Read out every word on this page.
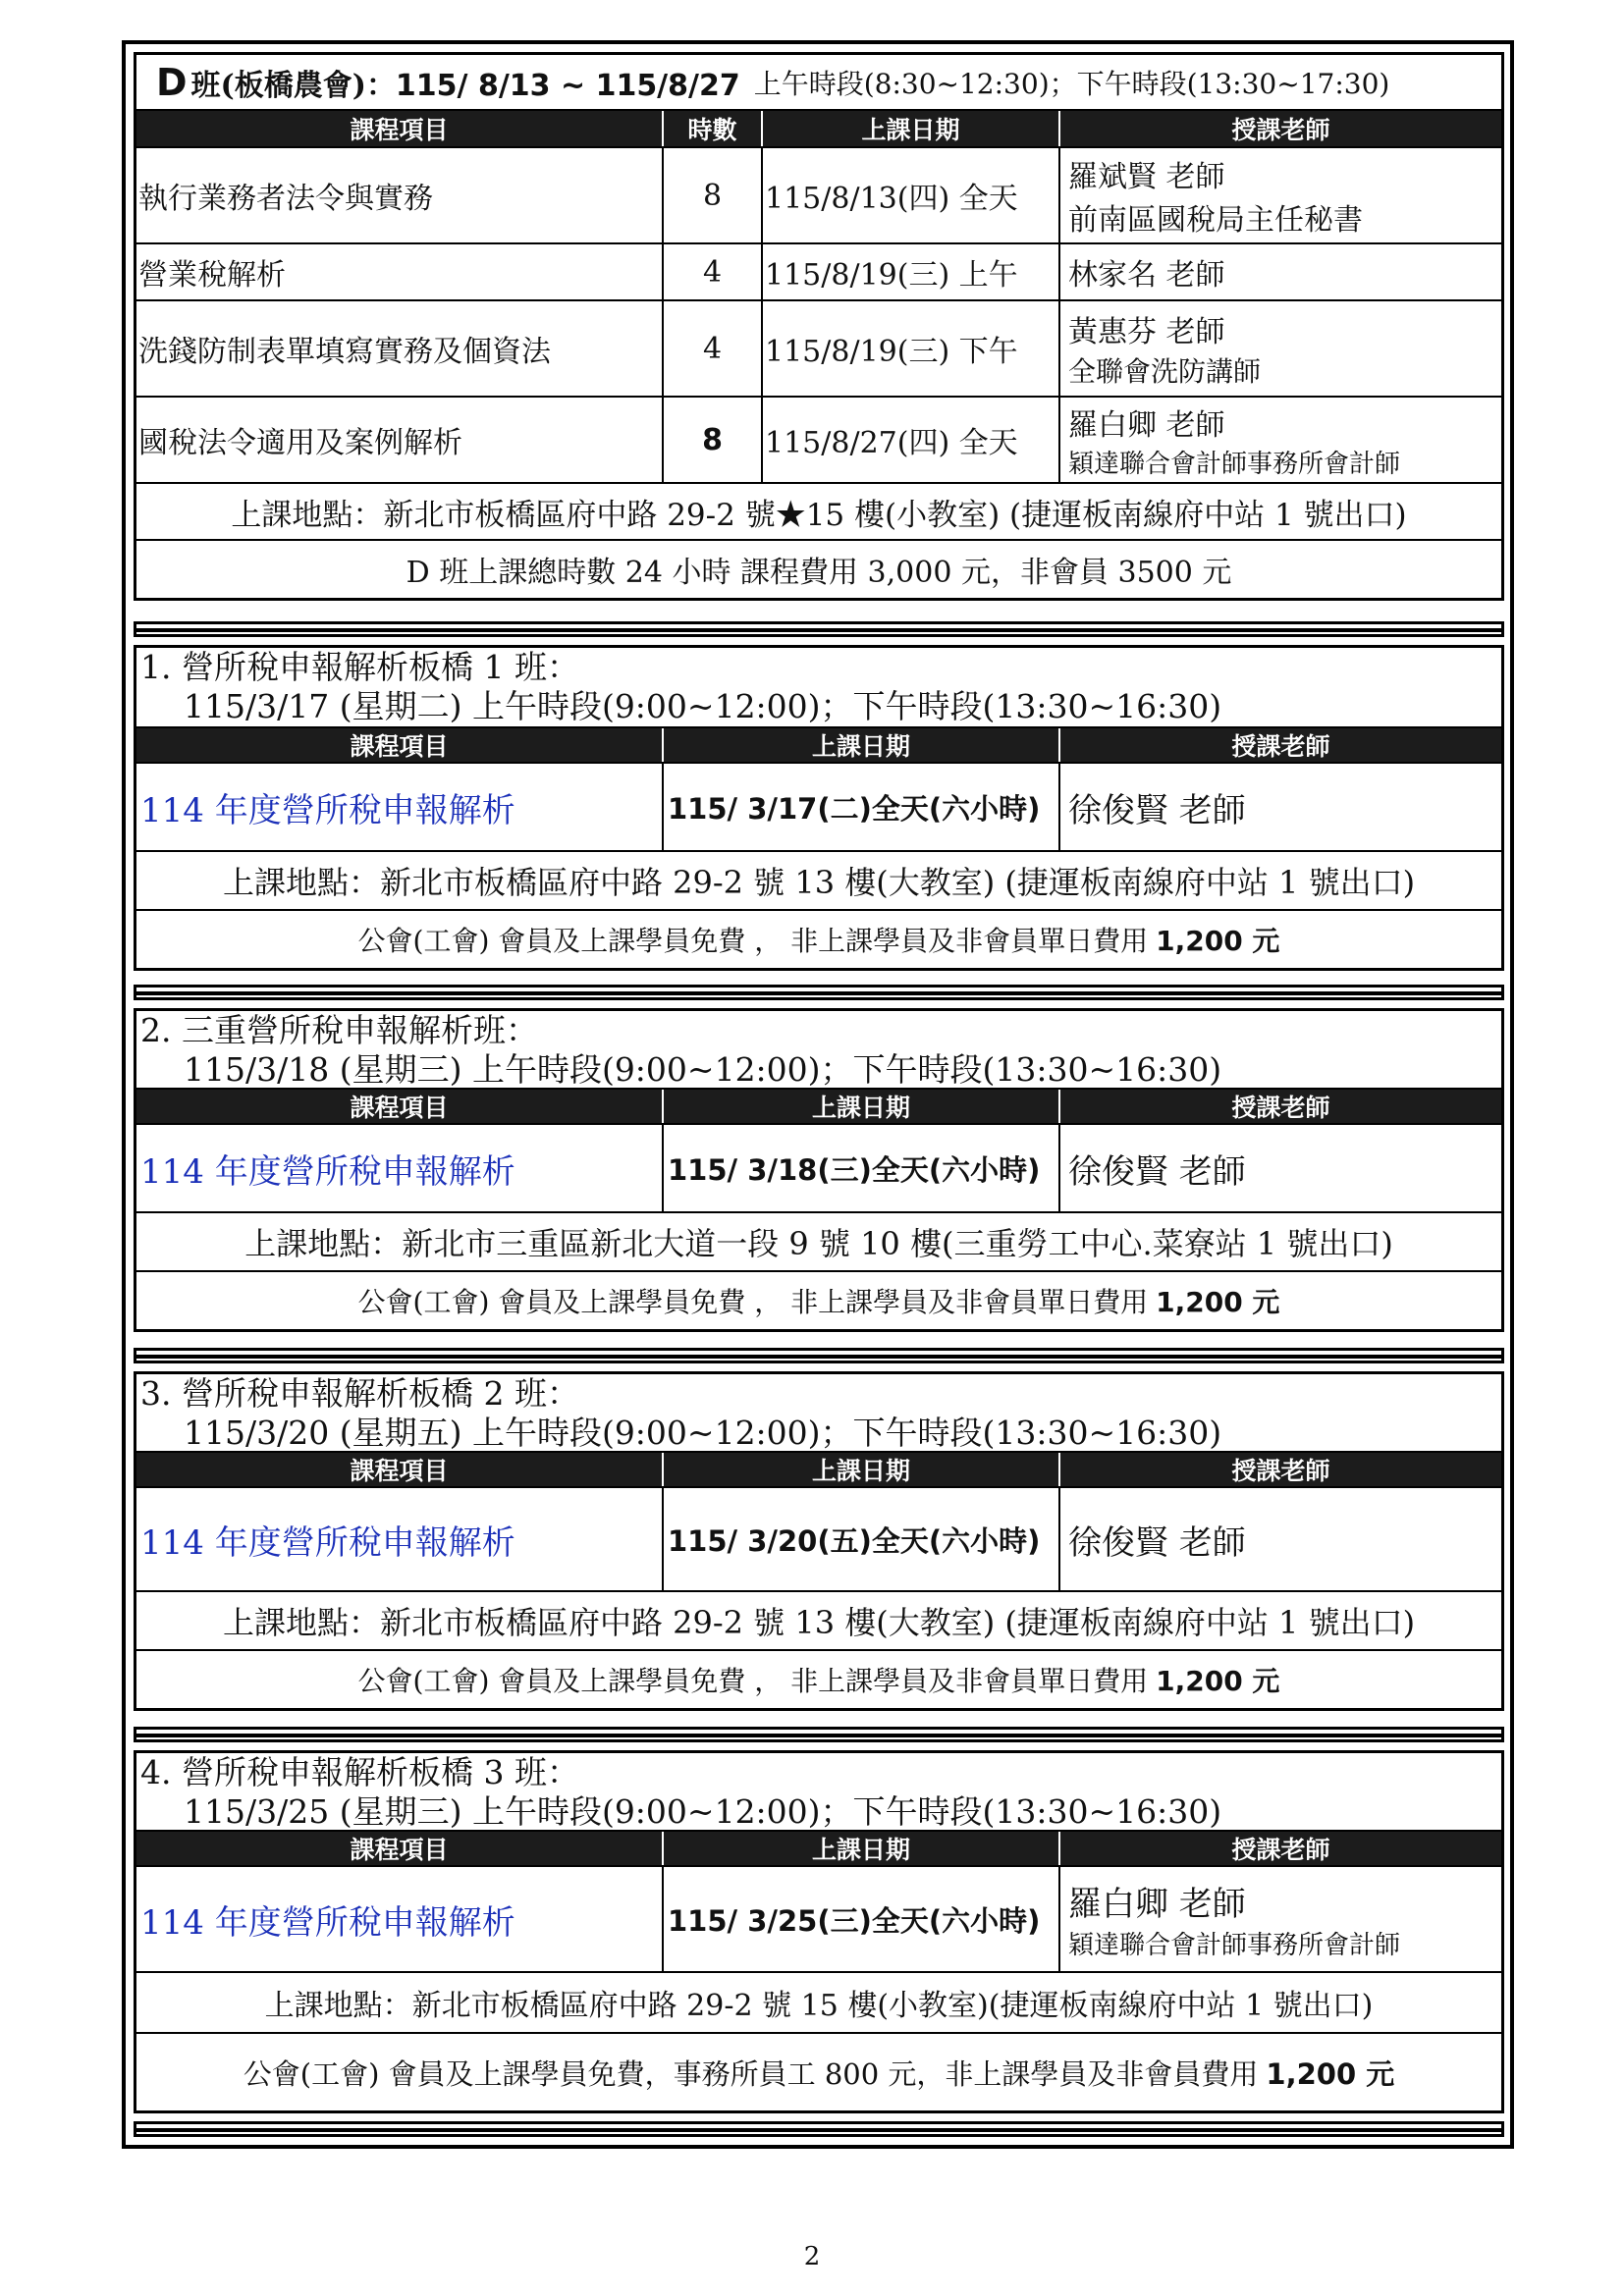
D 班(板橋農會) ：115/ 8/13 ~ 115/8/27 上午時段(8:30~12:30)；下午時段(13:30~17:30)
課程項目	時數	上課日期	授課老師
執行業務者法令與實務	8	115/8/13(四) 全天
羅斌賢 老師
前南區國稅局主任秘書
營業稅解析	4	115/8/19(三) 上午	林家名 老師
洗錢防制表單填寫實務及個資法	4	115/8/19(三) 下午
黃惠芬 老師
全聯會洗防講師
國稅法令適用及案例解析	8	115/8/27(四) 全天
羅白卿 老師
穎達聯合會計師事務所會計師
上課地點：新北市板橋區府中路 29-2 號★15 樓(小教室) (捷運板南線府中站 1 號出口)
D 班上課總時數 24 小時 課程費用 3,000 元，非會員 3500 元
1. 營所稅申報解析板橋 1 班：
115/3/17 (星期二) 上午時段(9:00~12:00)；下午時段(13:30~16:30)
課程項目	上課日期	授課老師
114 年度營所稅申報解析	115/ 3/17(二)全天(六小時) 徐俊賢 老師
上課地點：新北市板橋區府中路 29-2 號 13 樓(大教室) (捷運板南線府中站 1 號出口)
公會(工會) 會員及上課學員免費 ， 非上課學員及非會員單日費用 1,200 元
2. 三重營所稅申報解析班：
115/3/18 (星期三) 上午時段(9:00~12:00)；下午時段(13:30~16:30)
課程項目	上課日期	授課老師
114 年度營所稅申報解析	115/ 3/18(三)全天(六小時) 徐俊賢 老師
上課地點：新北市三重區新北大道一段 9 號 10 樓(三重勞工中心.菜寮站 1 號出口)
公會(工會) 會員及上課學員免費 ， 非上課學員及非會員單日費用 1,200 元
3. 營所稅申報解析板橋 2 班：
115/3/20 (星期五) 上午時段(9:00~12:00)；下午時段(13:30~16:30)
課程項目	上課日期	授課老師
114 年度營所稅申報解析	115/ 3/20(五)全天(六小時) 徐俊賢 老師
上課地點：新北市板橋區府中路 29-2 號 13 樓(大教室) (捷運板南線府中站 1 號出口)
公會(工會) 會員及上課學員免費 ， 非上課學員及非會員單日費用 1,200 元
4. 營所稅申報解析板橋 3 班：
115/3/25 (星期三) 上午時段(9:00~12:00)；下午時段(13:30~16:30)
課程項目	上課日期	授課老師
114 年度營所稅申報解析	115/ 3/25(三)全天(六小時) 羅白卿 老師
穎達聯合會計師事務所會計師
上課地點：新北市板橋區府中路 29-2 號 15 樓(小教室)(捷運板南線府中站 1 號出口)
公會(工會) 會員及上課學員免費，事務所員工 800 元，非上課學員及非會員費用 1,200 元
2
